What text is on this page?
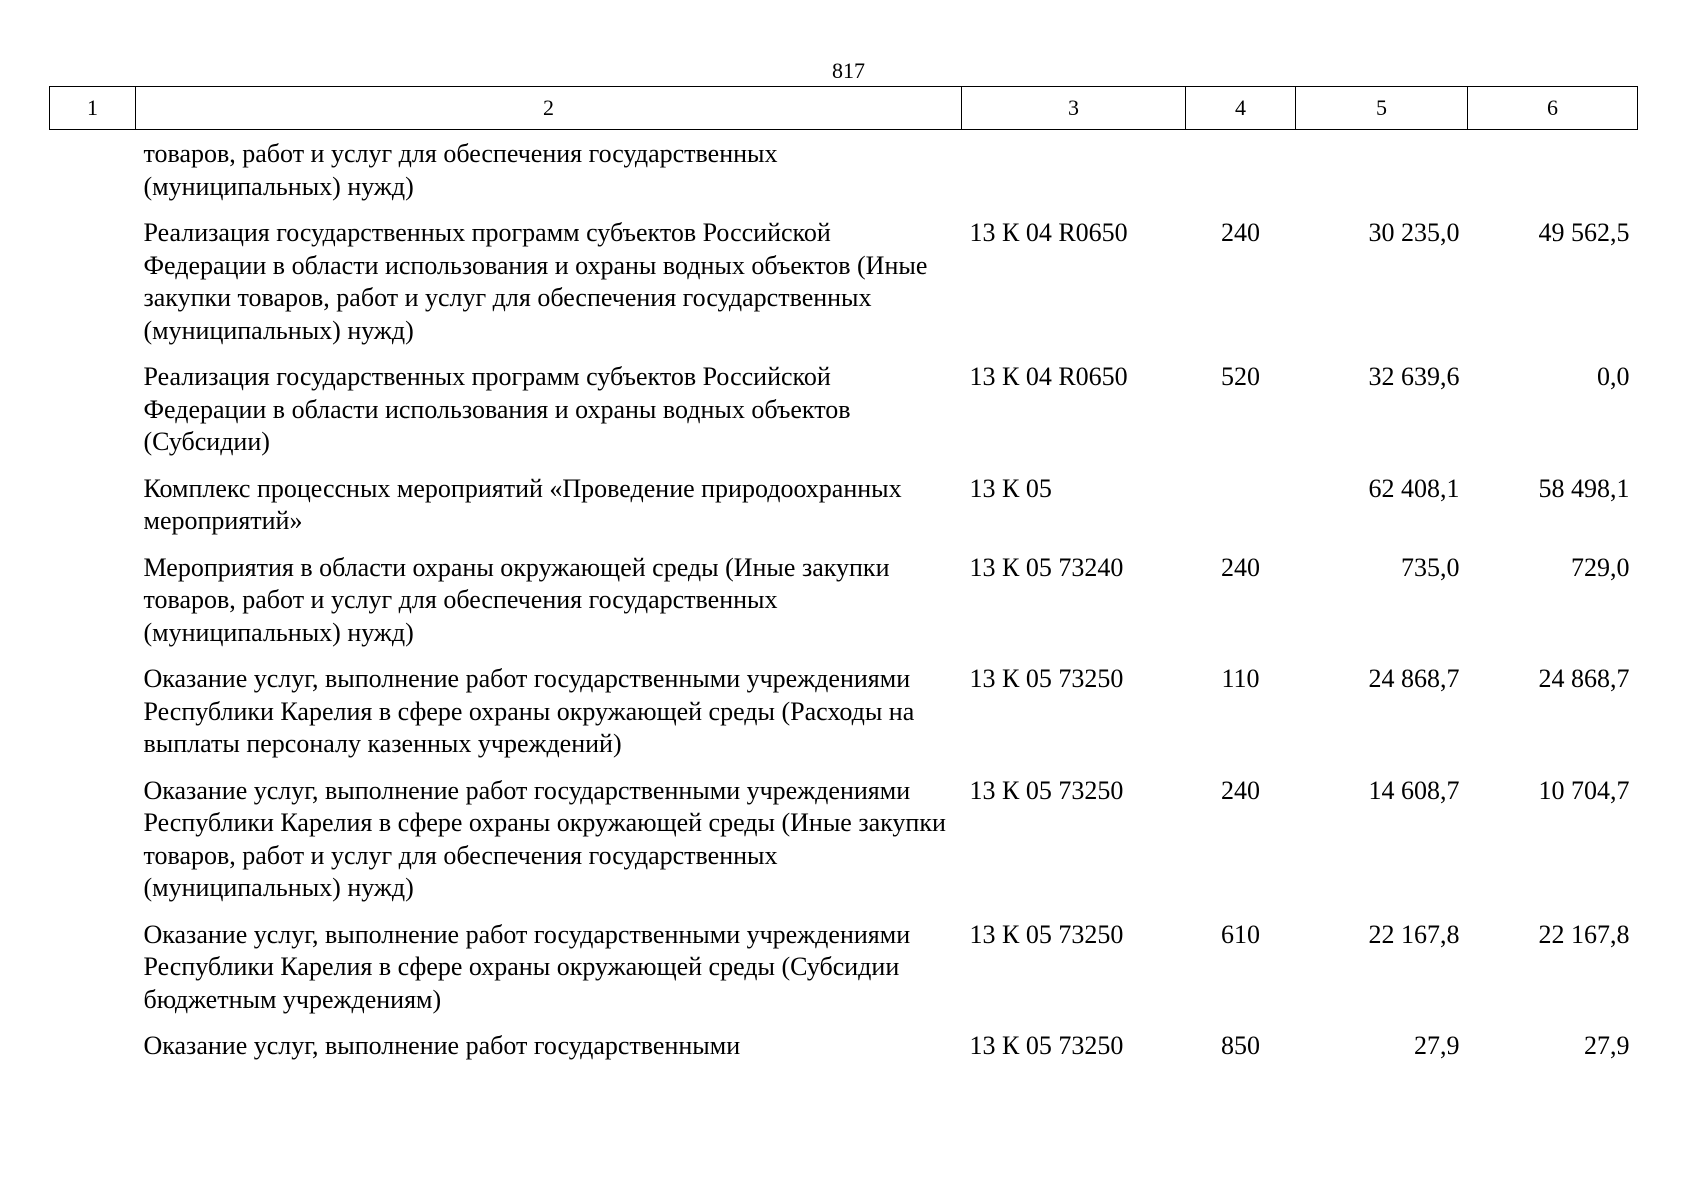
817
1	2	3	4	5	6
	товаров, работ и услуг для обеспечения государственных (муниципальных) нужд)				
	Реализация государственных программ субъектов Российской Федерации в области использования и охраны водных объектов (Иные закупки товаров, работ и услуг для обеспечения государственных (муниципальных) нужд)	13 К 04 R0650	240	30 235,0	49 562,5
	Реализация государственных программ субъектов Российской Федерации в области использования и охраны водных объектов (Субсидии)	13 К 04 R0650	520	32 639,6	0,0
	Комплекс процессных мероприятий «Проведение природоохранных мероприятий»	13 К 05		62 408,1	58 498,1
	Мероприятия в области охраны окружающей среды (Иные закупки товаров, работ и услуг для обеспечения государственных (муниципальных) нужд)	13 К 05 73240	240	735,0	729,0
	Оказание услуг, выполнение работ государственными учреждениями Республики Карелия в сфере охраны окружающей среды (Расходы на выплаты персоналу казенных учреждений)	13 К 05 73250	110	24 868,7	24 868,7
	Оказание услуг, выполнение работ государственными учреждениями Республики Карелия в сфере охраны окружающей среды (Иные закупки товаров, работ и услуг для обеспечения государственных (муниципальных) нужд)	13 К 05 73250	240	14 608,7	10 704,7
	Оказание услуг, выполнение работ государственными учреждениями Республики Карелия в сфере охраны окружающей среды (Субсидии бюджетным учреждениям)	13 К 05 73250	610	22 167,8	22 167,8
	Оказание услуг, выполнение работ государственными	13 К 05 73250	850	27,9	27,9
